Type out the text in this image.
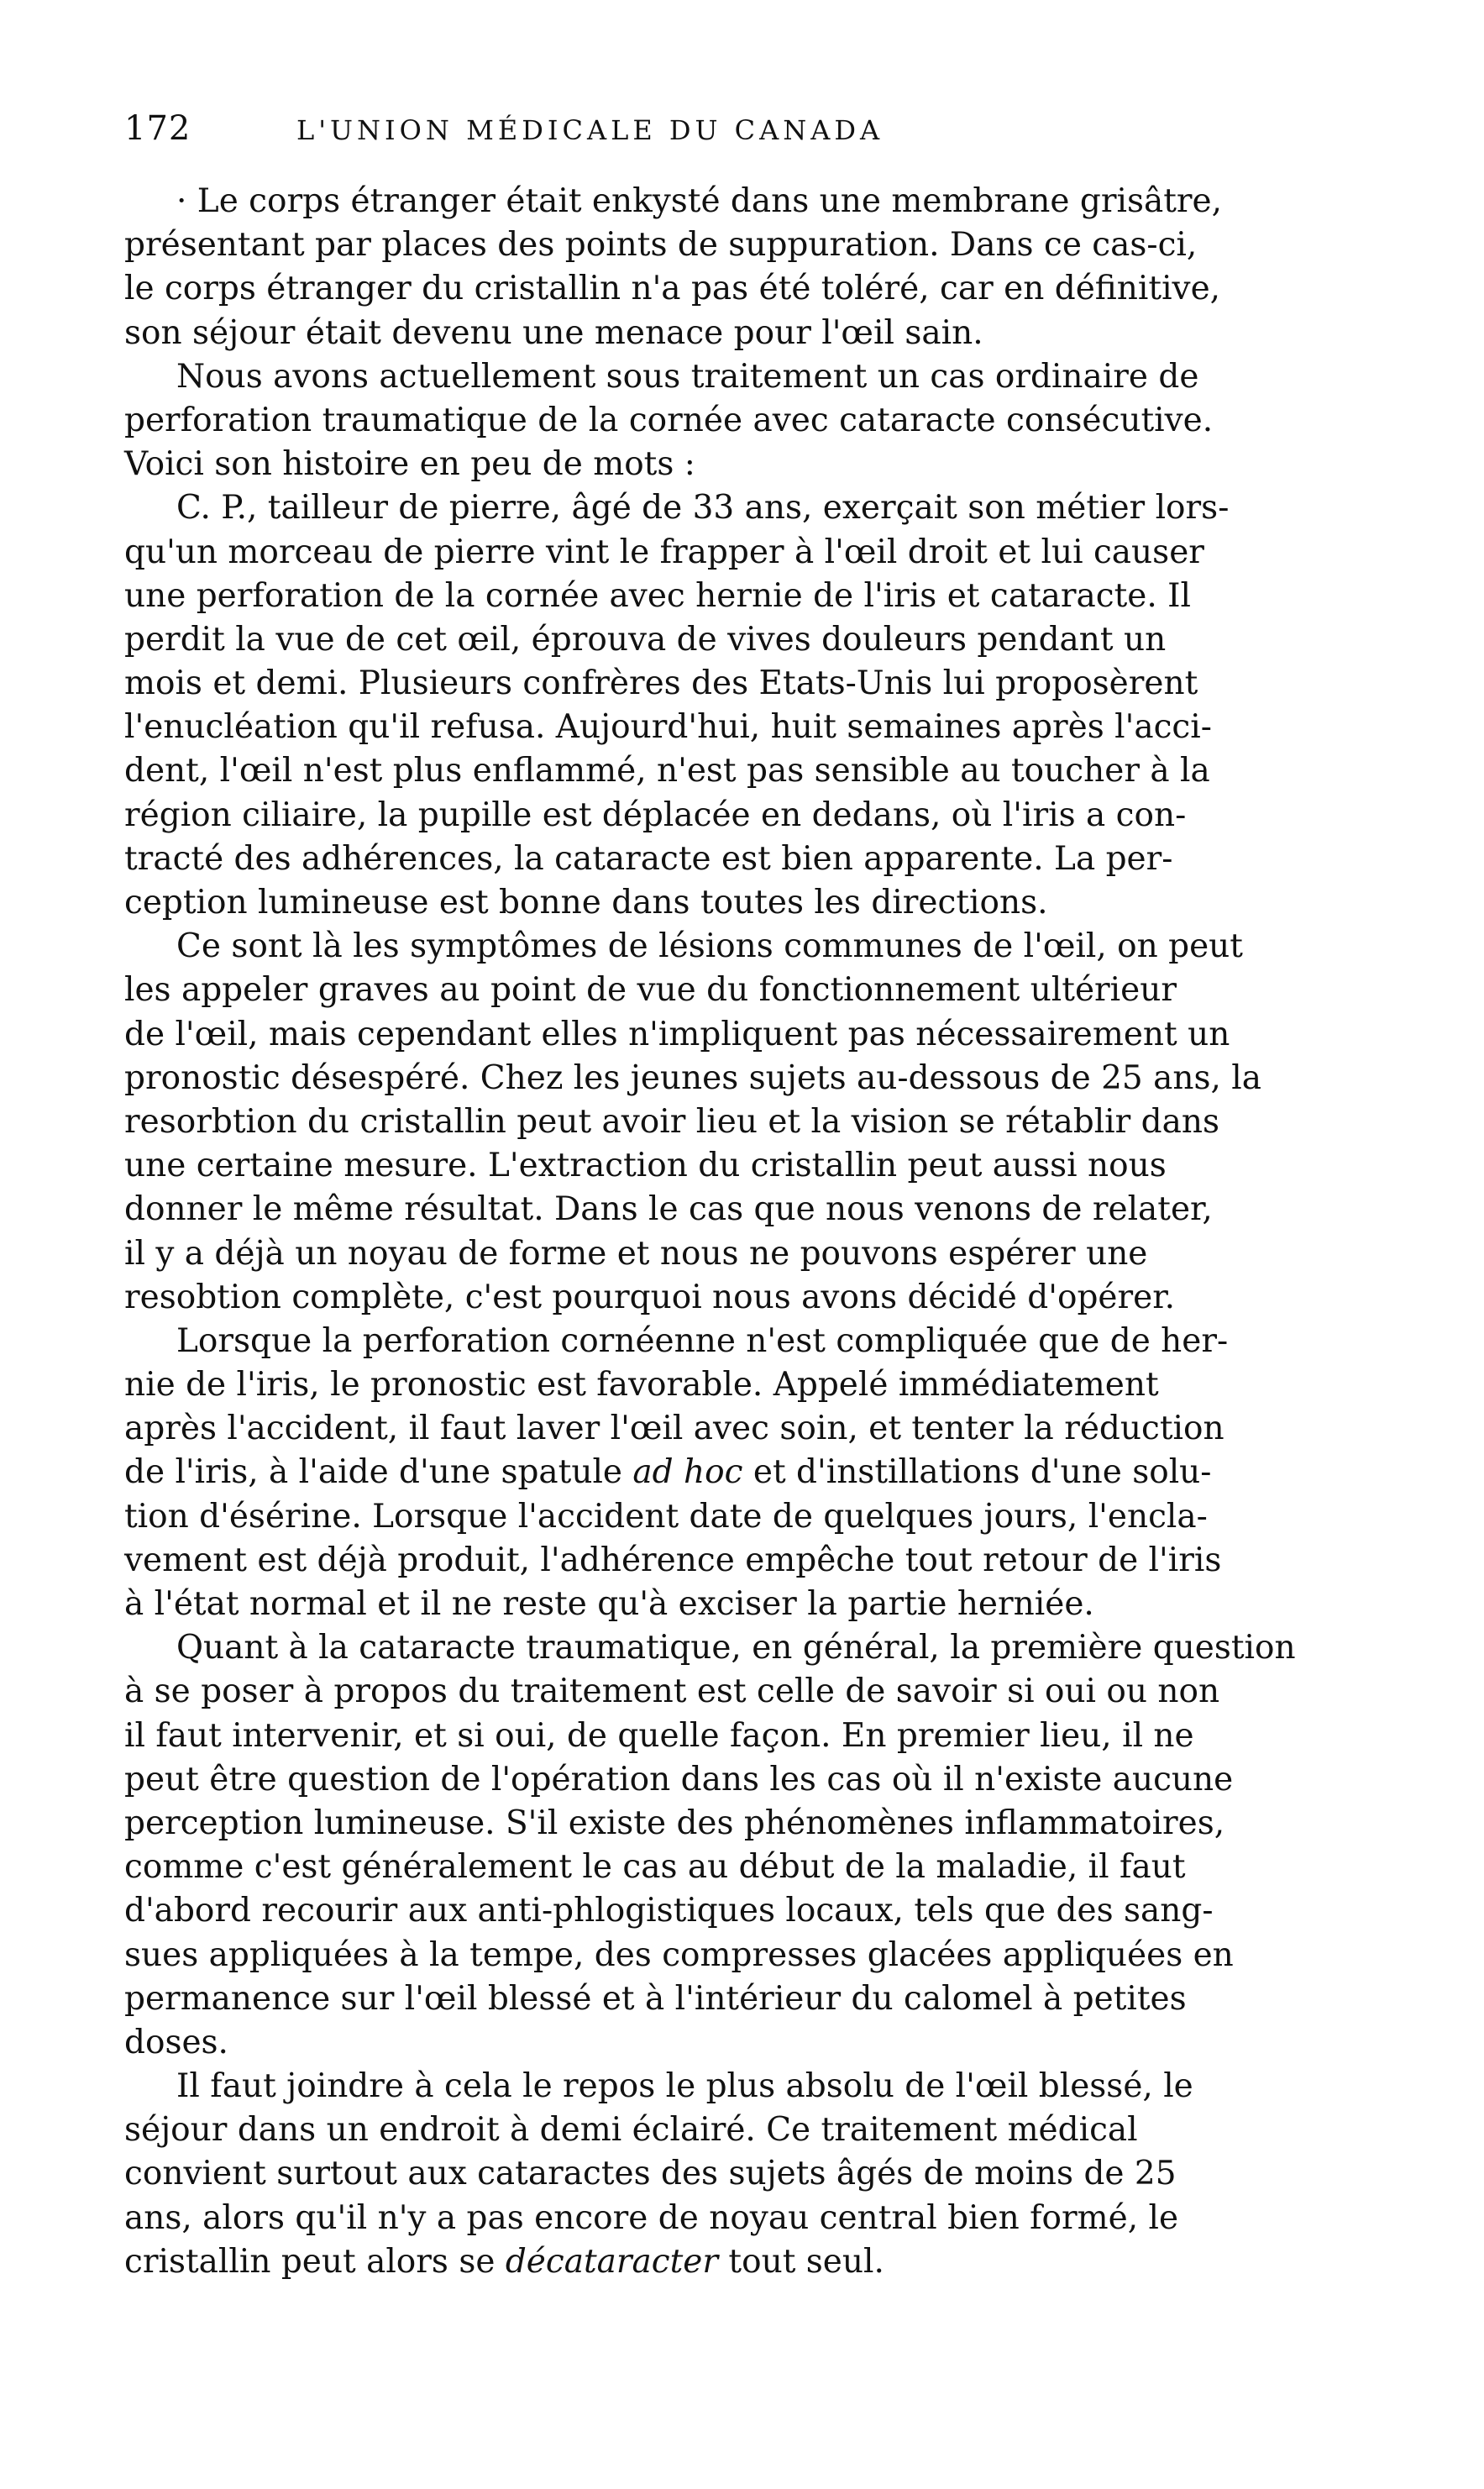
172	L'UNION MÉDICALE DU CANADA
· Le corps étranger était enkysté dans une membrane grisâtre,
présentant par places des points de suppuration. Dans ce cas-ci,
le corps étranger du cristallin n'a pas été toléré, car en définitive,
son séjour était devenu une menace pour l'œil sain.
Nous avons actuellement sous traitement un cas ordinaire de
perforation traumatique de la cornée avec cataracte consécutive.
Voici son histoire en peu de mots :
C. P., tailleur de pierre, âgé de 33 ans, exerçait son métier lors-
qu'un morceau de pierre vint le frapper à l'œil droit et lui causer
une perforation de la cornée avec hernie de l'iris et cataracte. Il
perdit la vue de cet œil, éprouva de vives douleurs pendant un
mois et demi. Plusieurs confrères des Etats-Unis lui proposèrent
l'enucléation qu'il refusa. Aujourd'hui, huit semaines après l'acci-
dent, l'œil n'est plus enflammé, n'est pas sensible au toucher à la
région ciliaire, la pupille est déplacée en dedans, où l'iris a con-
tracté des adhérences, la cataracte est bien apparente. La per-
ception lumineuse est bonne dans toutes les directions.
Ce sont là les symptômes de lésions communes de l'œil, on peut
les appeler graves au point de vue du fonctionnement ultérieur
de l'œil, mais cependant elles n'impliquent pas nécessairement un
pronostic désespéré. Chez les jeunes sujets au-dessous de 25 ans, la
resorbtion du cristallin peut avoir lieu et la vision se rétablir dans
une certaine mesure. L'extraction du cristallin peut aussi nous
donner le même résultat. Dans le cas que nous venons de relater,
il y a déjà un noyau de forme et nous ne pouvons espérer une
resobtion complète, c'est pourquoi nous avons décidé d'opérer.
Lorsque la perforation cornéenne n'est compliquée que de her-
nie de l'iris, le pronostic est favorable. Appelé immédiatement
après l'accident, il faut laver l'œil avec soin, et tenter la réduction
de l'iris, à l'aide d'une spatule ad hoc et d'instillations d'une solu-
tion d'ésérine. Lorsque l'accident date de quelques jours, l'encla-
vement est déjà produit, l'adhérence empêche tout retour de l'iris
à l'état normal et il ne reste qu'à exciser la partie herniée.
Quant à la cataracte traumatique, en général, la première question
à se poser à propos du traitement est celle de savoir si oui ou non
il faut intervenir, et si oui, de quelle façon. En premier lieu, il ne
peut être question de l'opération dans les cas où il n'existe aucune
perception lumineuse. S'il existe des phénomènes inflammatoires,
comme c'est généralement le cas au début de la maladie, il faut
d'abord recourir aux anti-phlogistiques locaux, tels que des sang-
sues appliquées à la tempe, des compresses glacées appliquées en
permanence sur l'œil blessé et à l'intérieur du calomel à petites
doses.
Il faut joindre à cela le repos le plus absolu de l'œil blessé, le
séjour dans un endroit à demi éclairé. Ce traitement médical
convient surtout aux cataractes des sujets âgés de moins de 25
ans, alors qu'il n'y a pas encore de noyau central bien formé, le
cristallin peut alors se décataracter tout seul.
